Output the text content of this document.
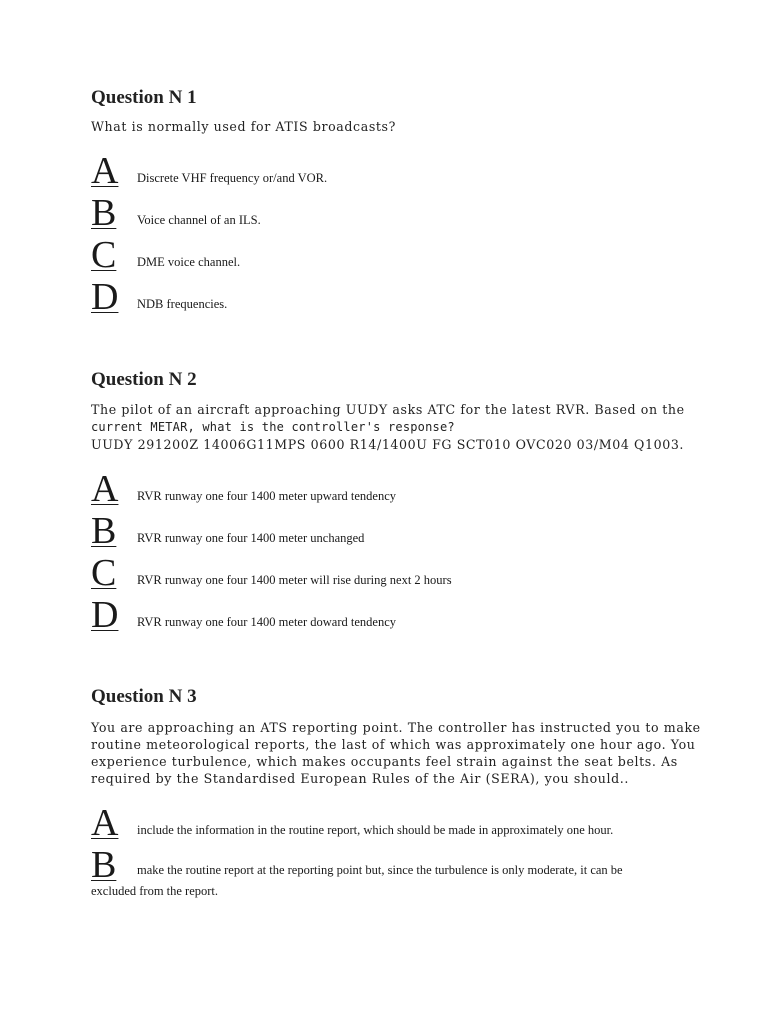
Question N 1

What is normally used for ATIS broadcasts?

A	Discrete VHF frequency or/and VOR.
B	Voice channel of an ILS.
C	DME voice channel.
D	NDB frequencies.
Question N 2

The pilot of an aircraft approaching UUDY asks ATC for the latest RVR. Based on the

current METAR, what is the controller's response?

UUDY 291200Z 14006G11MPS 0600 R14/1400U FG SCT010 OVC020 03/M04 Q1003.

A	RVR runway one four 1400 meter upward tendency
B	RVR runway one four 1400 meter unchanged
C	RVR runway one four 1400 meter will rise during next 2 hours
D	RVR runway one four 1400 meter doward tendency
Question N 3

You are approaching an ATS reporting point. The controller has instructed you to make

routine meteorological reports, the last of which was approximately one hour ago. You

experience turbulence, which makes occupants feel strain against the seat belts. As

required by the Standardised European Rules of the Air (SERA), you should..

A	include the information in the routine report, which should be made in approximately one hour.
B	make the routine report at the reporting point but, since the turbulence is only moderate, it can be excluded from the report.
